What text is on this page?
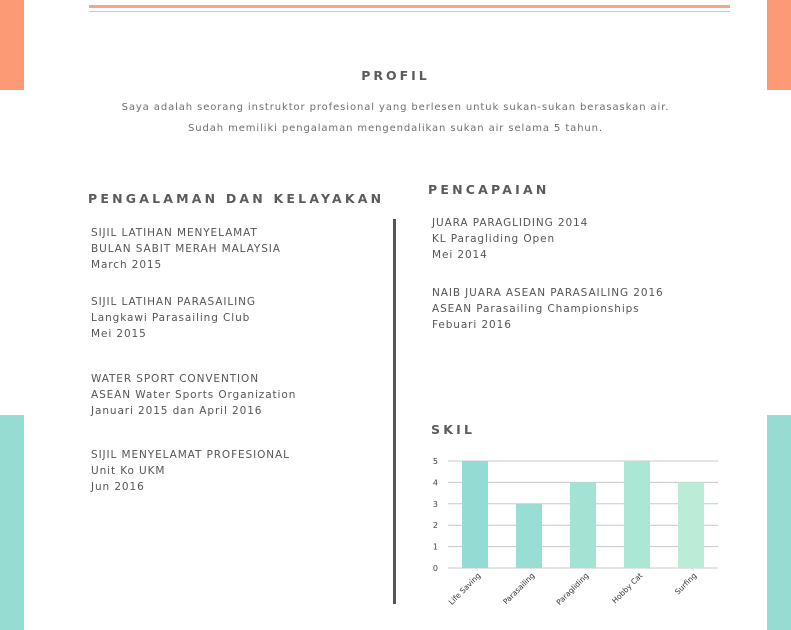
PROFIL

Saya adalah seorang instruktor profesional yang berlesen untuk sukan-sukan berasaskan air. Sudah memiliki pengalaman mengendalikan sukan air selama 5 tahun.

PENGALAMAN DAN KELAYAKAN

SIJIL LATIHAN MENYELAMAT

BULAN SABIT MERAH MALAYSIA

March 2015

SIJIL LATIHAN PARASAILING

Langkawi Parasailing Club

Mei 2015

WATER SPORT CONVENTION

ASEAN Water Sports Organization

Januari 2015 dan April 2016

SIJIL MENYELAMAT PROFESIONAL

Unit Ko UKM

Jun 2016

PENCAPAIAN

JUARA PARAGLIDING 2014

KL Paragliding Open

Mei 2014

NAIB JUARA ASEAN PARASAILING 2016

ASEAN Parasailing Championships

Febuari 2016

SKIL
0
1
2
3
4
5
Life Saving	Parasailing Paragliding	Hobby Cat	Surfing
